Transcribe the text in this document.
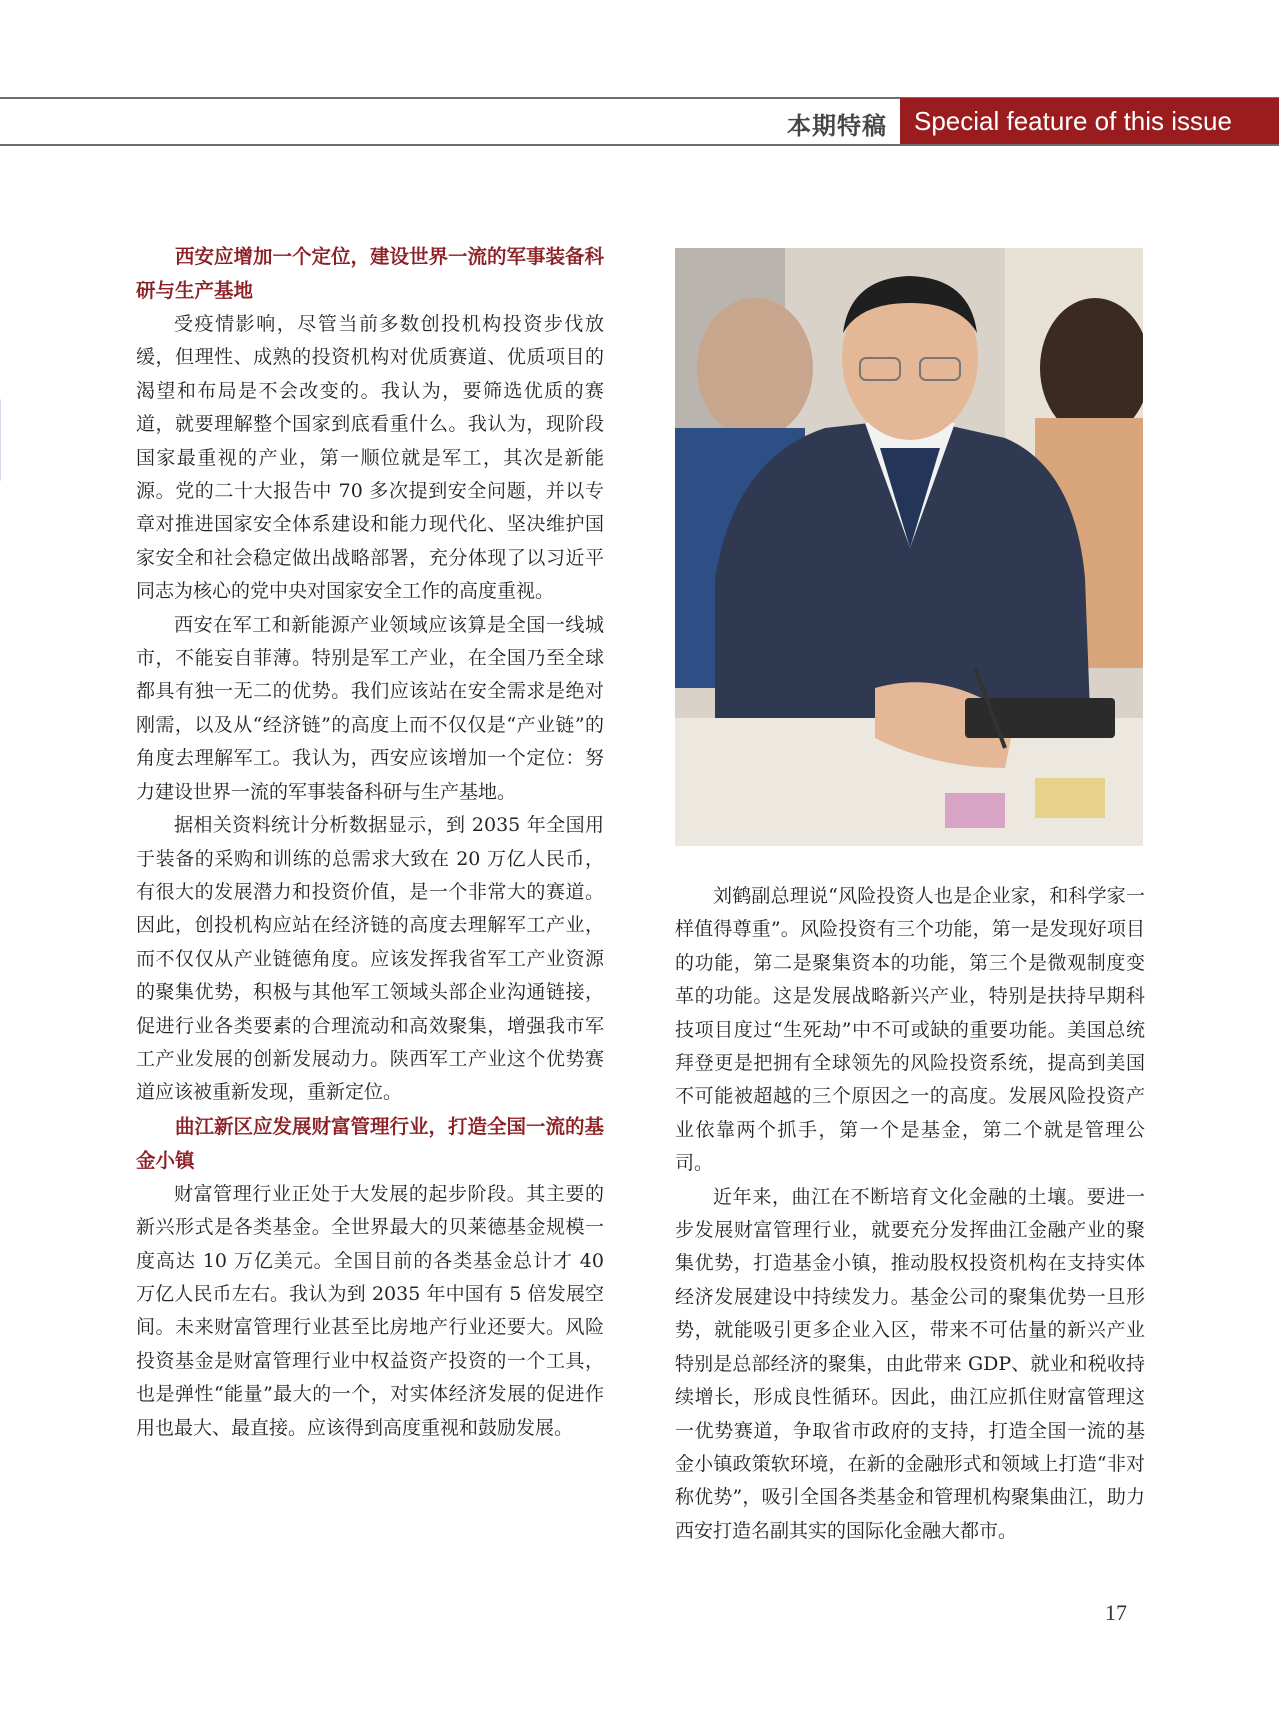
本期特稿	Special feature of this issue

西安应增加一个定位，建设世界一流的军事装备科研与生产基地

受疫情影响，尽管当前多数创投机构投资步伐放缓，但理性、成熟的投资机构对优质赛道、优质项目的渴望和布局是不会改变的。我认为，要筛选优质的赛道，就要理解整个国家到底看重什么。我认为，现阶段国家最重视的产业，第一顺位就是军工，其次是新能源。党的二十大报告中 70 多次提到安全问题，并以专章对推进国家安全体系建设和能力现代化、坚决维护国家安全和社会稳定做出战略部署，充分体现了以习近平同志为核心的党中央对国家安全工作的高度重视。

西安在军工和新能源产业领域应该算是全国一线城市，不能妄自菲薄。特别是军工产业，在全国乃至全球都具有独一无二的优势。我们应该站在安全需求是绝对刚需，以及从“经济链”的高度上而不仅仅是“产业链”的角度去理解军工。我认为，西安应该增加一个定位：努力建设世界一流的军事装备科研与生产基地。

据相关资料统计分析数据显示，到 2035 年全国用于装备的采购和训练的总需求大致在 20 万亿人民币，有很大的发展潜力和投资价值，是一个非常大的赛道。因此，创投机构应站在经济链的高度去理解军工产业，而不仅仅从产业链德角度。应该发挥我省军工产业资源的聚集优势，积极与其他军工领域头部企业沟通链接，促进行业各类要素的合理流动和高效聚集，增强我市军工产业发展的创新发展动力。陕西军工产业这个优势赛道应该被重新发现，重新定位。

曲江新区应发展财富管理行业，打造全国一流的基金小镇

财富管理行业正处于大发展的起步阶段。其主要的新兴形式是各类基金。全世界最大的贝莱德基金规模一度高达 10 万亿美元。全国目前的各类基金总计才 40 万亿人民币左右。我认为到 2035 年中国有 5 倍发展空间。未来财富管理行业甚至比房地产行业还要大。风险投资基金是财富管理行业中权益资产投资的一个工具，也是弹性“能量”最大的一个，对实体经济发展的促进作用也最大、最直接。应该得到高度重视和鼓励发展。

刘鹤副总理说“风险投资人也是企业家，和科学家一样值得尊重”。风险投资有三个功能，第一是发现好项目的功能，第二是聚集资本的功能，第三个是微观制度变革的功能。这是发展战略新兴产业，特别是扶持早期科技项目度过“生死劫”中不可或缺的重要功能。美国总统拜登更是把拥有全球领先的风险投资系统，提高到美国不可能被超越的三个原因之一的高度。发展风险投资产业依靠两个抓手，第一个是基金，第二个就是管理公司。

近年来，曲江在不断培育文化金融的土壤。要进一步发展财富管理行业，就要充分发挥曲江金融产业的聚集优势，打造基金小镇，推动股权投资机构在支持实体经济发展建设中持续发力。基金公司的聚集优势一旦形势，就能吸引更多企业入区，带来不可估量的新兴产业特别是总部经济的聚集，由此带来 GDP、就业和税收持续增长，形成良性循环。因此，曲江应抓住财富管理这一优势赛道，争取省市政府的支持，打造全国一流的基金小镇政策软环境，在新的金融形式和领域上打造“非对称优势”，吸引全国各类基金和管理机构聚集曲江，助力西安打造名副其实的国际化金融大都市。

17
